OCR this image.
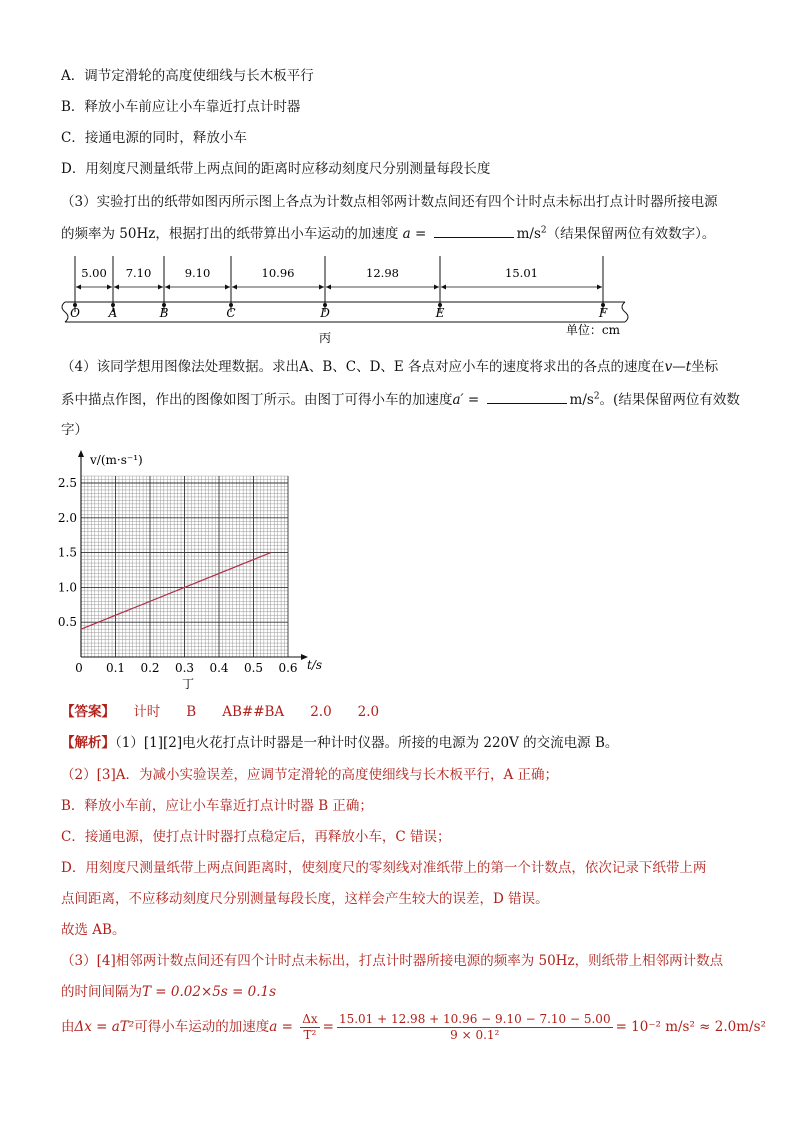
A．调节定滑轮的高度使细线与长木板平行
B．释放小车前应让小车靠近打点计时器
C．接通电源的同时，释放小车
D．用刻度尺测量纸带上两点间的距离时应移动刻度尺分别测量每段长度
（3）实验打出的纸带如图丙所示图上各点为计数点相邻两计数点间还有四个计时点未标出打点计时器所接电源
的频率为 50Hz，根据打出的纸带算出小车运动的加速度 a =	$m/s^2$（结果保留两位有效数字）。
O A	B	C	D	E	F
5.00 7.10	9.10	10.96	12.98	15.01
丙
单位：cm
（4）该同学想用图像法处理数据。求出A、B、C、D、E 各点对应小车的速度将求出的各点的速度在v—t坐标
系中描点作图，作出的图像如图丁所示。由图丁可得小车的加速度a′ =	$m/s^2$。(结果保留两位有效数
字）
0 0.1 0.2 0.3 0.4 0.5 0.6
0.5
1.0
1.5
2.0
2.5
v/(m·s⁻¹)
t/s
丁
【答案】 计时 B AB##BA 2.0 2.0
【解析】（1）[1][2]电火花打点计时器是一种计时仪器。所接的电源为 220V 的交流电源 B。
（2）[3]A．为减小实验误差，应调节定滑轮的高度使细线与长木板平行，A 正确；
B．释放小车前，应让小车靠近打点计时器 B 正确；
C．接通电源，使打点计时器打点稳定后，再释放小车，C 错误；
D．用刻度尺测量纸带上两点间距离时，使刻度尺的零刻线对准纸带上的第一个计数点，依次记录下纸带上两
点间距离，不应移动刻度尺分别测量每段长度，这样会产生较大的误差，D 错误。
故选 AB。
（3）[4]相邻两计数点间还有四个计时点未标出，打点计时器所接电源的频率为 50Hz，则纸带上相邻两计数点
的时间间隔为T = 0.02×5s = 0.1s
由Δx = aT²可得小车运动的加速度$a = \frac{\Delta x}{\text{T²}} = \frac{15.01 + 12.98 + 10.96 - 9.10 - 7.10 - 5.00}{\text{9 × 0.1²}} = 10^{-2}$ m/s² ≈ 2.0m/s²
